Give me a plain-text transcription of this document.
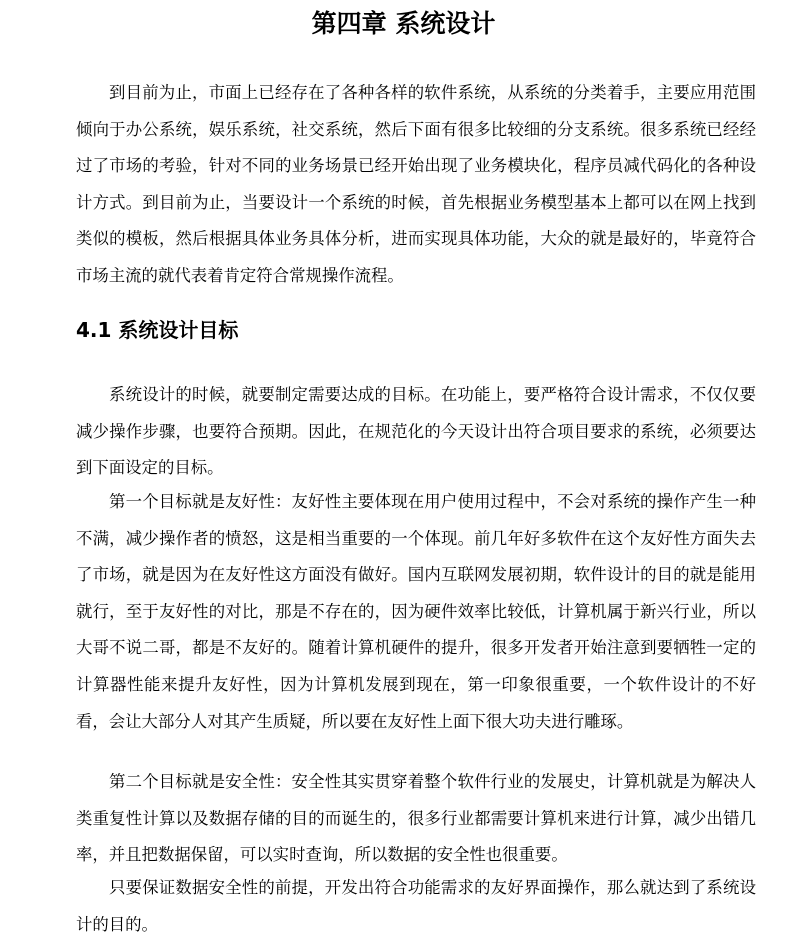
第四章 系统设计

到目前为止，市面上已经存在了各种各样的软件系统，从系统的分类着手，主要应用范围倾向于办公系统，娱乐系统，社交系统，然后下面有很多比较细的分支系统。很多系统已经经过了市场的考验，针对不同的业务场景已经开始出现了业务模块化，程序员减代码化的各种设计方式。到目前为止，当要设计一个系统的时候，首先根据业务模型基本上都可以在网上找到类似的模板，然后根据具体业务具体分析，进而实现具体功能，大众的就是最好的，毕竟符合市场主流的就代表着肯定符合常规操作流程。

4.1 系统设计目标

系统设计的时候，就要制定需要达成的目标。在功能上，要严格符合设计需求，不仅仅要减少操作步骤，也要符合预期。因此，在规范化的今天设计出符合项目要求的系统，必须要达到下面设定的目标。

第一个目标就是友好性：友好性主要体现在用户使用过程中，不会对系统的操作产生一种不满，减少操作者的愤怒，这是相当重要的一个体现。前几年好多软件在这个友好性方面失去了市场，就是因为在友好性这方面没有做好。国内互联网发展初期，软件设计的目的就是能用就行，至于友好性的对比，那是不存在的，因为硬件效率比较低，计算机属于新兴行业，所以大哥不说二哥，都是不友好的。随着计算机硬件的提升，很多开发者开始注意到要牺牲一定的计算器性能来提升友好性，因为计算机发展到现在，第一印象很重要，一个软件设计的不好看，会让大部分人对其产生质疑，所以要在友好性上面下很大功夫进行雕琢。

第二个目标就是安全性：安全性其实贯穿着整个软件行业的发展史，计算机就是为解决人类重复性计算以及数据存储的目的而诞生的，很多行业都需要计算机来进行计算，减少出错几率，并且把数据保留，可以实时查询，所以数据的安全性也很重要。

只要保证数据安全性的前提，开发出符合功能需求的友好界面操作，那么就达到了系统设计的目的。
